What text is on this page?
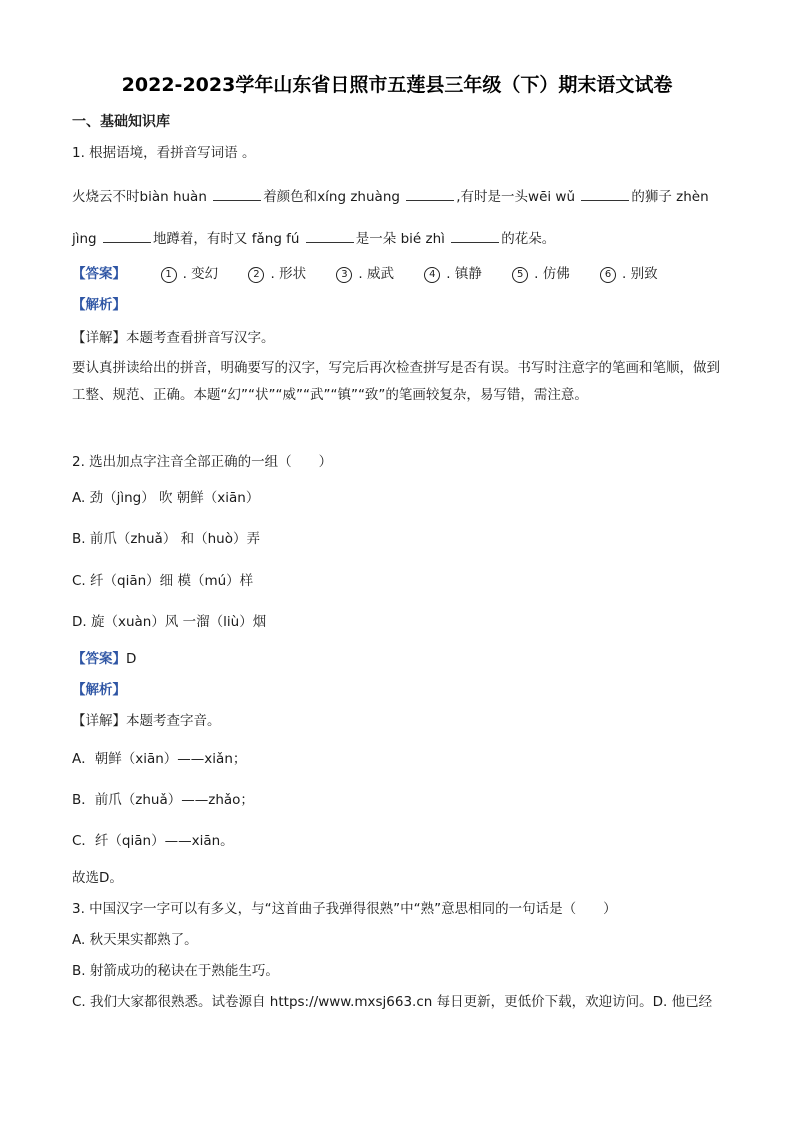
2022-2023学年山东省日照市五莲县三年级（下）期末语文试卷
一、基础知识库
1. 根据语境，看拼音写词语 。
火烧云不时biàn huàn	着颜色和xíng zhuàng	,有时是一头wēi wǔ	的狮子 zhèn
jìng	地蹲着，有时又 fǎng fú	是一朵 bié zhì	的花朵。
【答案】	1 . 变幻	2 . 形状	3 . 威武	4 . 镇静	5 . 仿佛	6 . 别致
【解析】
【详解】本题考查看拼音写汉字。
要认真拼读给出的拼音，明确要写的汉字，写完后再次检查拼写是否有误。书写时注意字的笔画和笔顺，做到工整、规范、正确。本题“幻”“状”“威”“武”“镇”“致”的笔画较复杂，易写错，需注意。
2. 选出加点字注音全部正确的一组（　　）
A. 劲（jìng） 吹 朝鲜（xiān）
B. 前爪（zhuǎ） 和（huò）弄
C. 纤（qiān）细 模（mú）样
D. 旋（xuàn）风 一溜（liù）烟
【答案】D
【解析】
【详解】本题考查字音。
A．朝鲜（xiān）——xiǎn；
B．前爪（zhuǎ）——zhǎo；
C．纤（qiān）——xiān。
故选D。
3. 中国汉字一字可以有多义，与“这首曲子我弹得很熟”中“熟”意思相同的一句话是（　　）
A. 秋天果实都熟了。
B. 射箭成功的秘诀在于熟能生巧。
C. 我们大家都很熟悉。试卷源自 https://www.mxsj663.cn 每日更新，更低价下载，欢迎访问。D. 他已经
